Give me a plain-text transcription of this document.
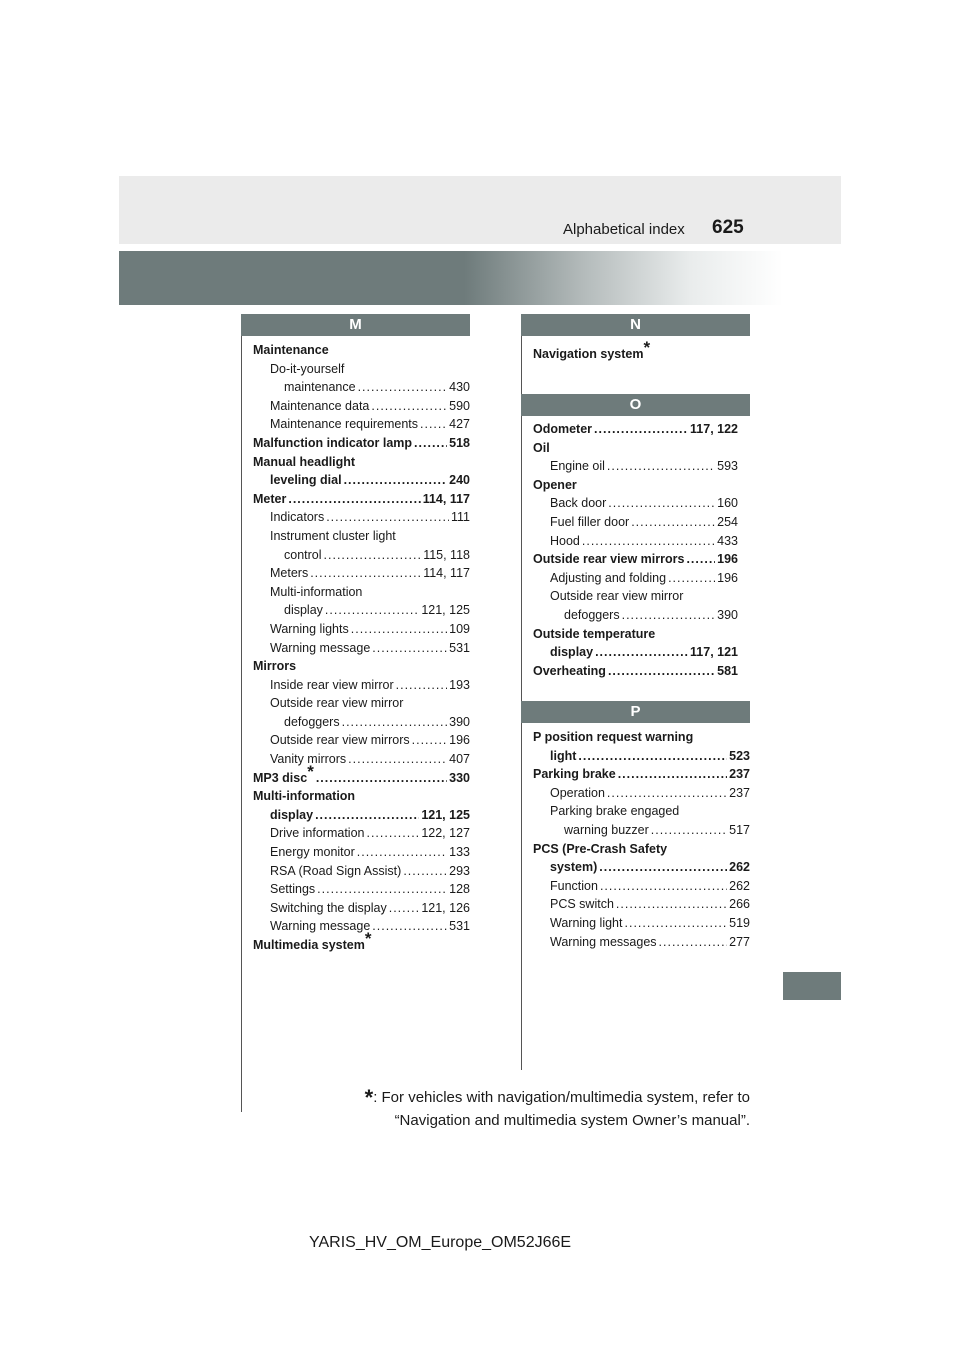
Alphabetical index 625
M
Maintenance
Do-it-yourself
maintenance .....	430
Maintenance data .....	590
Maintenance requirements ..... 427
Malfunction indicator lamp .....	518
Manual headlight
leveling dial .....	240
Meter .....	114, 117
Indicators .....	111
Instrument cluster light
control .....	115, 118
Meters .....	114, 117
Multi-information
display .....	121, 125
Warning lights .....	109
Warning message .....	531
Mirrors
Inside rear view mirror .....	193
Outside rear view mirror
defoggers .....	390
Outside rear view mirrors .....	196
Vanity mirrors .....	407
MP3 disc* .....	330
Multi-information
display .....	121, 125
Drive information .....	122, 127
Energy monitor .....	133
RSA (Road Sign Assist) .....	293
Settings .....	128
Switching the display .....	121, 126
Warning message .....	531
Multimedia system*
N
Navigation system*
O
Odometer .....	117, 122
Oil
Engine oil .....	593
Opener
Back door .....	160
Fuel filler door .....	254
Hood .....	433
Outside rear view mirrors .....	196
Adjusting and folding .....	196
Outside rear view mirror
defoggers .....	390
Outside temperature
display .....	117, 121
Overheating .....	581
P
P position request warning
light .....	523
Parking brake .....	237
Operation .....	237
Parking brake engaged
warning buzzer .....	517
PCS (Pre-Crash Safety
system) .....	262
Function .....	262
PCS switch .....	266
Warning light .....	519
Warning messages .....	277
*: For vehicles with navigation/multimedia system, refer to
“Navigation and multimedia system Owner’s manual”.
YARIS_HV_OM_Europe_OM52J66E
